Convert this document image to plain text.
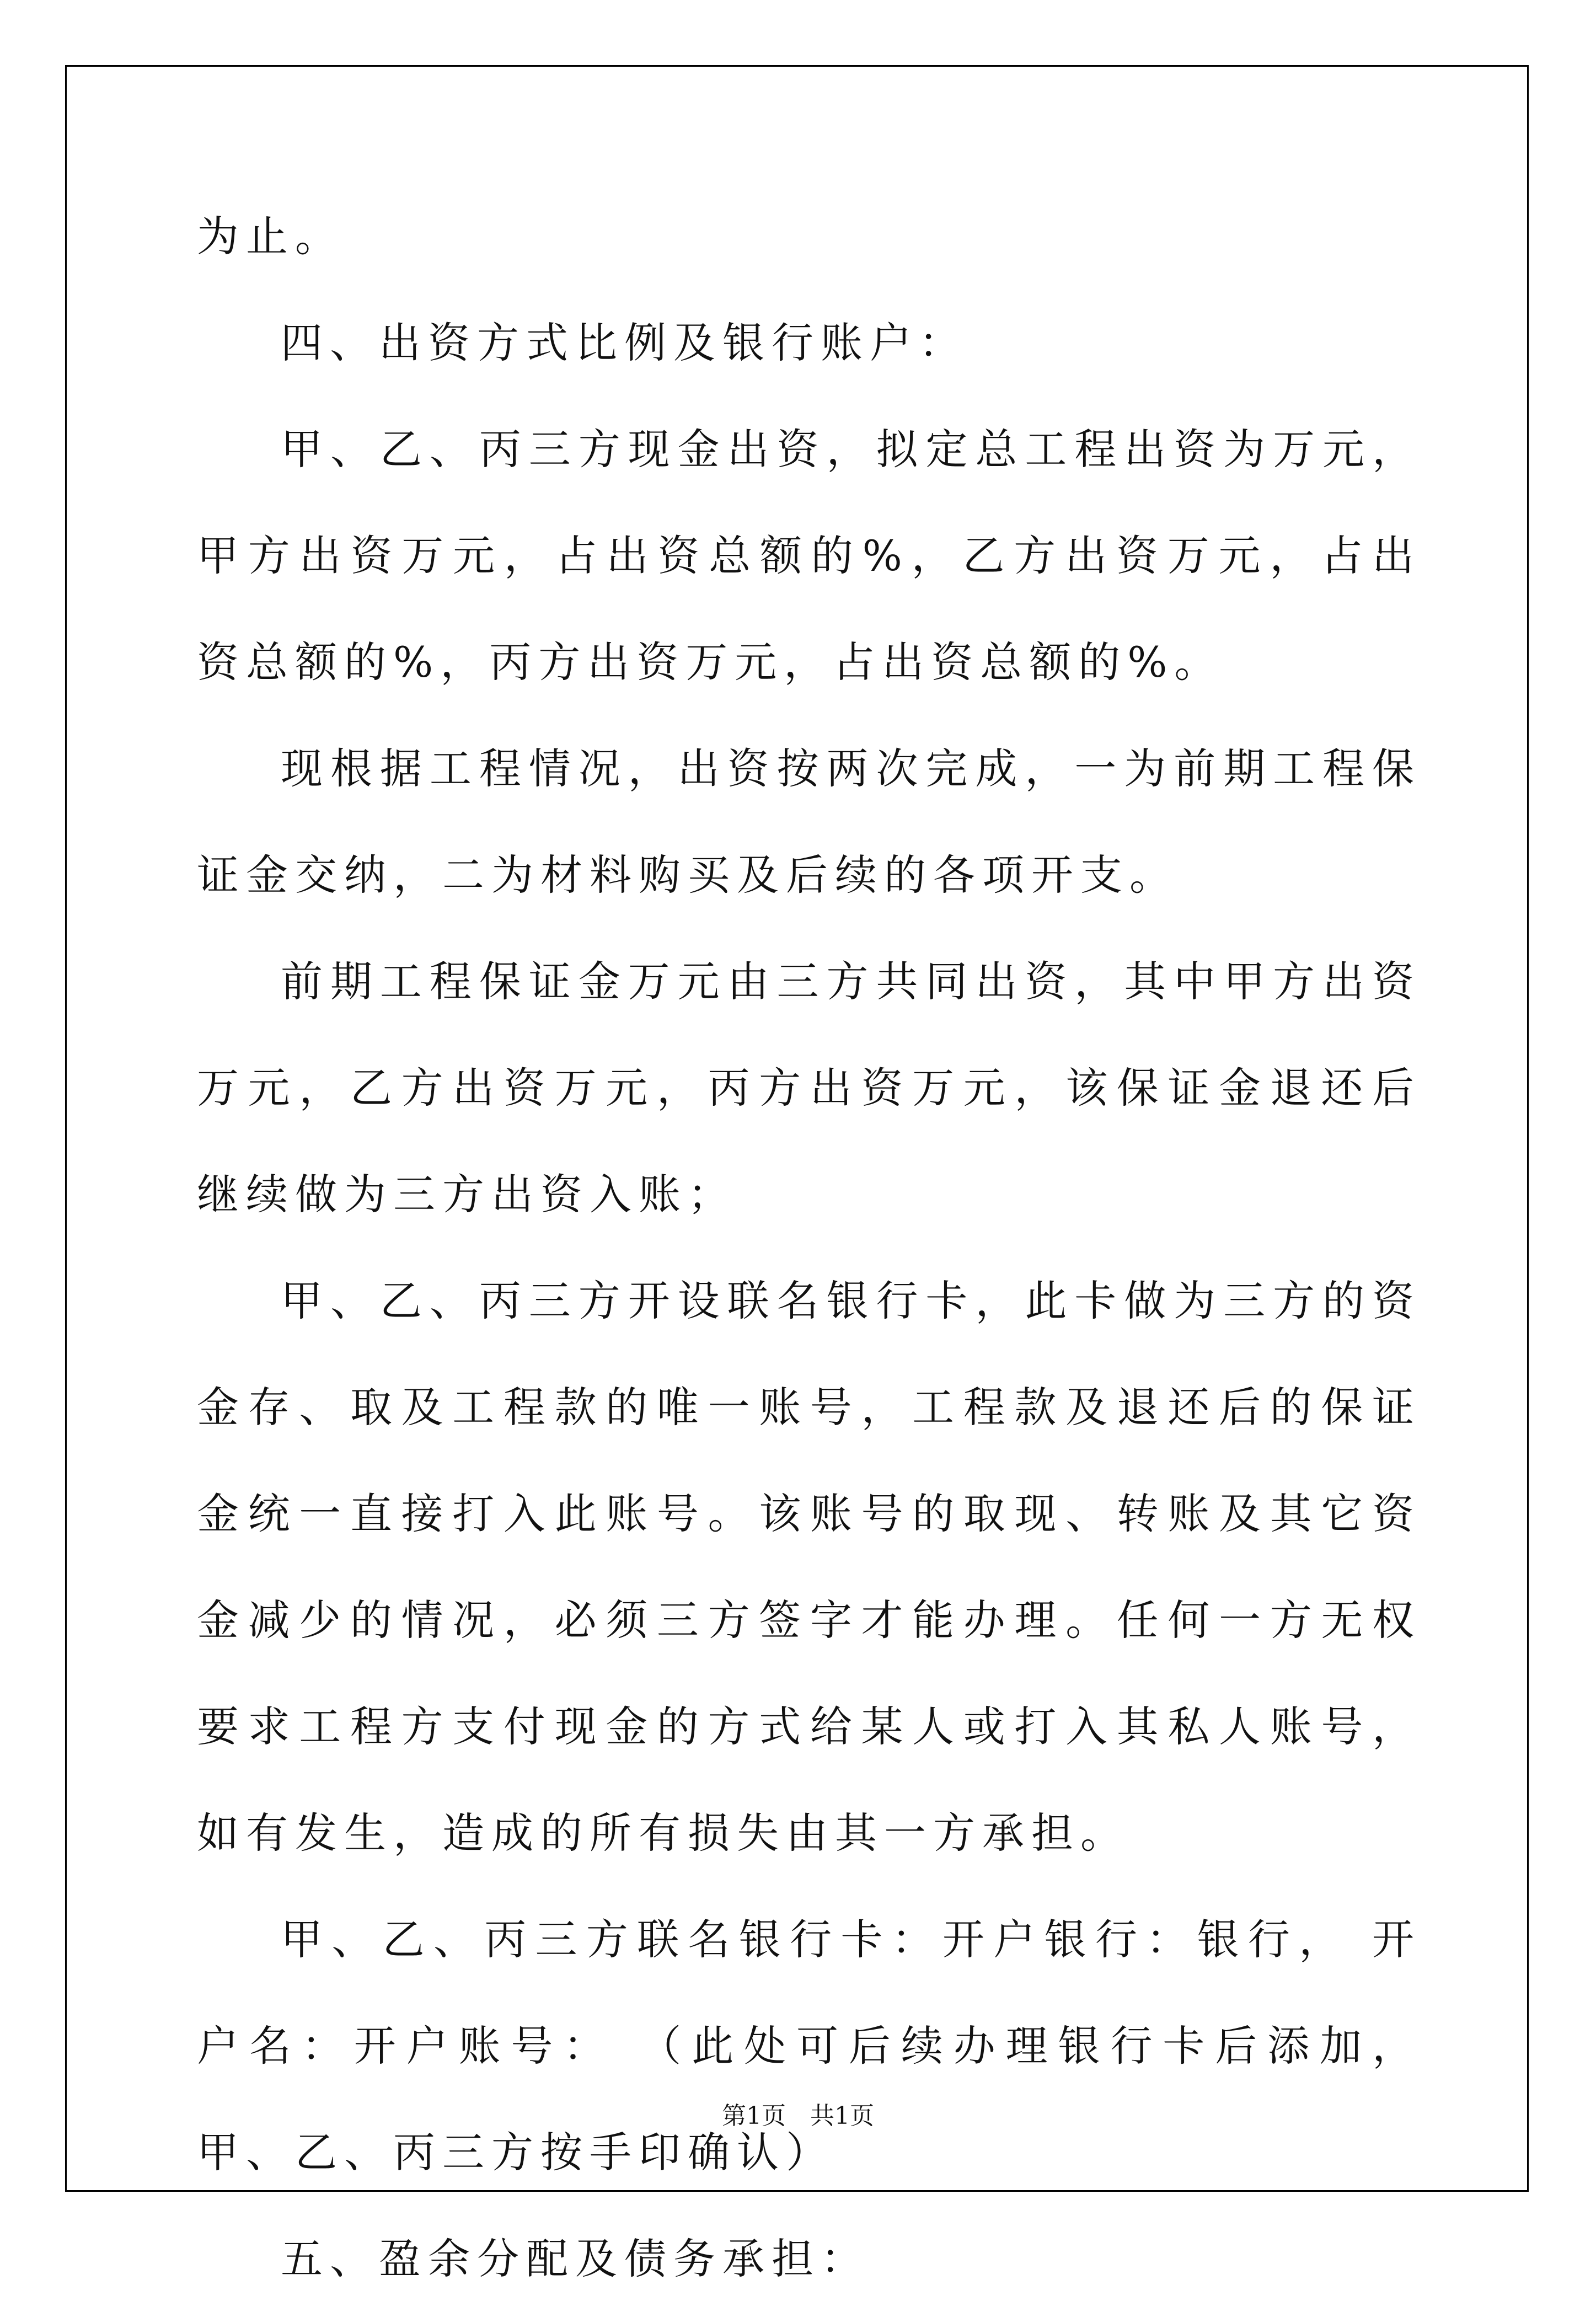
为止。

四、出资方式比例及银行账户：

甲、乙、丙三方现金出资，拟定总工程出资为万元，甲方出资万元，占出资总额的%，乙方出资万元，占出资总额的%，丙方出资万元，占出资总额的%。

现根据工程情况，出资按两次完成，一为前期工程保证金交纳，二为材料购买及后续的各项开支。

前期工程保证金万元由三方共同出资，其中甲方出资万元，乙方出资万元，丙方出资万元，该保证金退还后继续做为三方出资入账；

甲、乙、丙三方开设联名银行卡，此卡做为三方的资金存、取及工程款的唯一账号，工程款及退还后的保证金统一直接打入此账号。该账号的取现、转账及其它资金减少的情况，必须三方签字才能办理。任何一方无权要求工程方支付现金的方式给某人或打入其私人账号，如有发生，造成的所有损失由其一方承担。

甲、乙、丙三方联名银行卡：开户银行：银行， 开户名：开户账号： （此处可后续办理银行卡后添加，甲、乙、丙三方按手印确认）

五、盈余分配及债务承担：

第1页　共1页
